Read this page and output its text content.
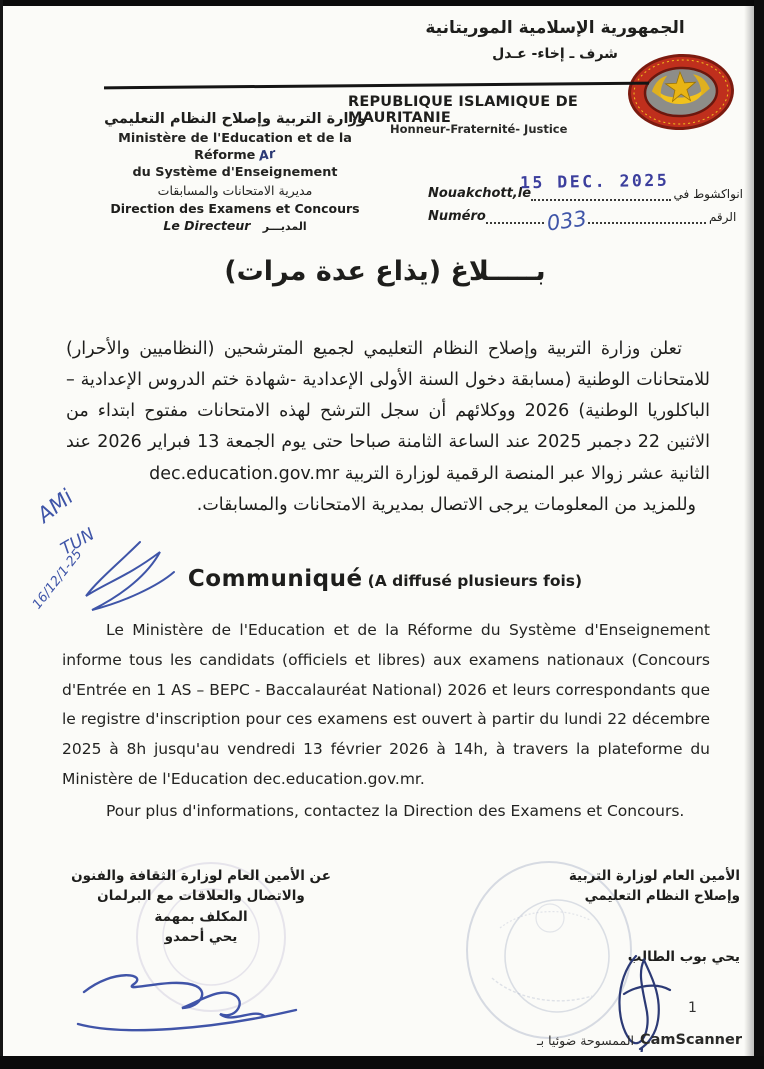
الجمهورية الإسلامية الموريتانية
شرف ـ إخاء- عـدل
REPUBLIQUE ISLAMIQUE DE MAURITANIE
Honneur-Fraternité- Justice
وزارة التربية وإصلاح النظام التعليمي
Ministère de l'Education et de la Réforme Ar
du Système d'Enseignement
مديرية الامتحانات والمسابقات
Direction des Examens et Concours
Le Directeur المديـــر
Nouakchott,le	انواكشوط في
15 DEC. 2025
Numéro	033	الرقم
بـــــلاغ (يذاع عدة مرات)

تعلن وزارة التربية وإصلاح النظام التعليمي لجميع المترشحين (النظاميين والأحرار) للامتحانات الوطنية (مسابقة دخول السنة الأولى الإعدادية -شهادة ختم الدروس الإعدادية – الباكلوريا الوطنية) 2026 ووكلائهم أن سجل الترشح لهذه الامتحانات مفتوح ابتداء من الاثنين 22 دجمبر 2025 عند الساعة الثامنة صباحا حتى يوم الجمعة 13 فبراير 2026 عند الثانية عشر زوالا عبر المنصة الرقمية لوزارة التربية dec.education.gov.mr

وللمزيد من المعلومات يرجى الاتصال بمديرية الامتحانات والمسابقات.

AMi
TUN
16/12/1-25	Communiqué (A diffusé plusieurs fois)

Le Ministère de l'Education et de la Réforme du Système d'Enseignement informe tous les candidats (officiels et libres) aux examens nationaux (Concours d'Entrée en 1 AS – BEPC - Baccalauréat National) 2026 et leurs correspondants que le registre d'inscription pour ces examens est ouvert à partir du lundi 22 décembre 2025 à 8h jusqu'au vendredi 13 février 2026 à 14h, à travers la plateforme du Ministère de l'Education dec.education.gov.mr.

Pour plus d'informations, contactez la Direction des Examens et Concours.

عن الأمين العام لوزارة الثقافة والفنون
والاتصال والعلاقات مع البرلمان
المكلف بمهمة
يحي أحمدو
الأمين العام لوزارة التربية
وإصلاح النظام التعليمي
يحي بوب الطالب
1
الممسوحة ضوئيا بـ CamScanner
